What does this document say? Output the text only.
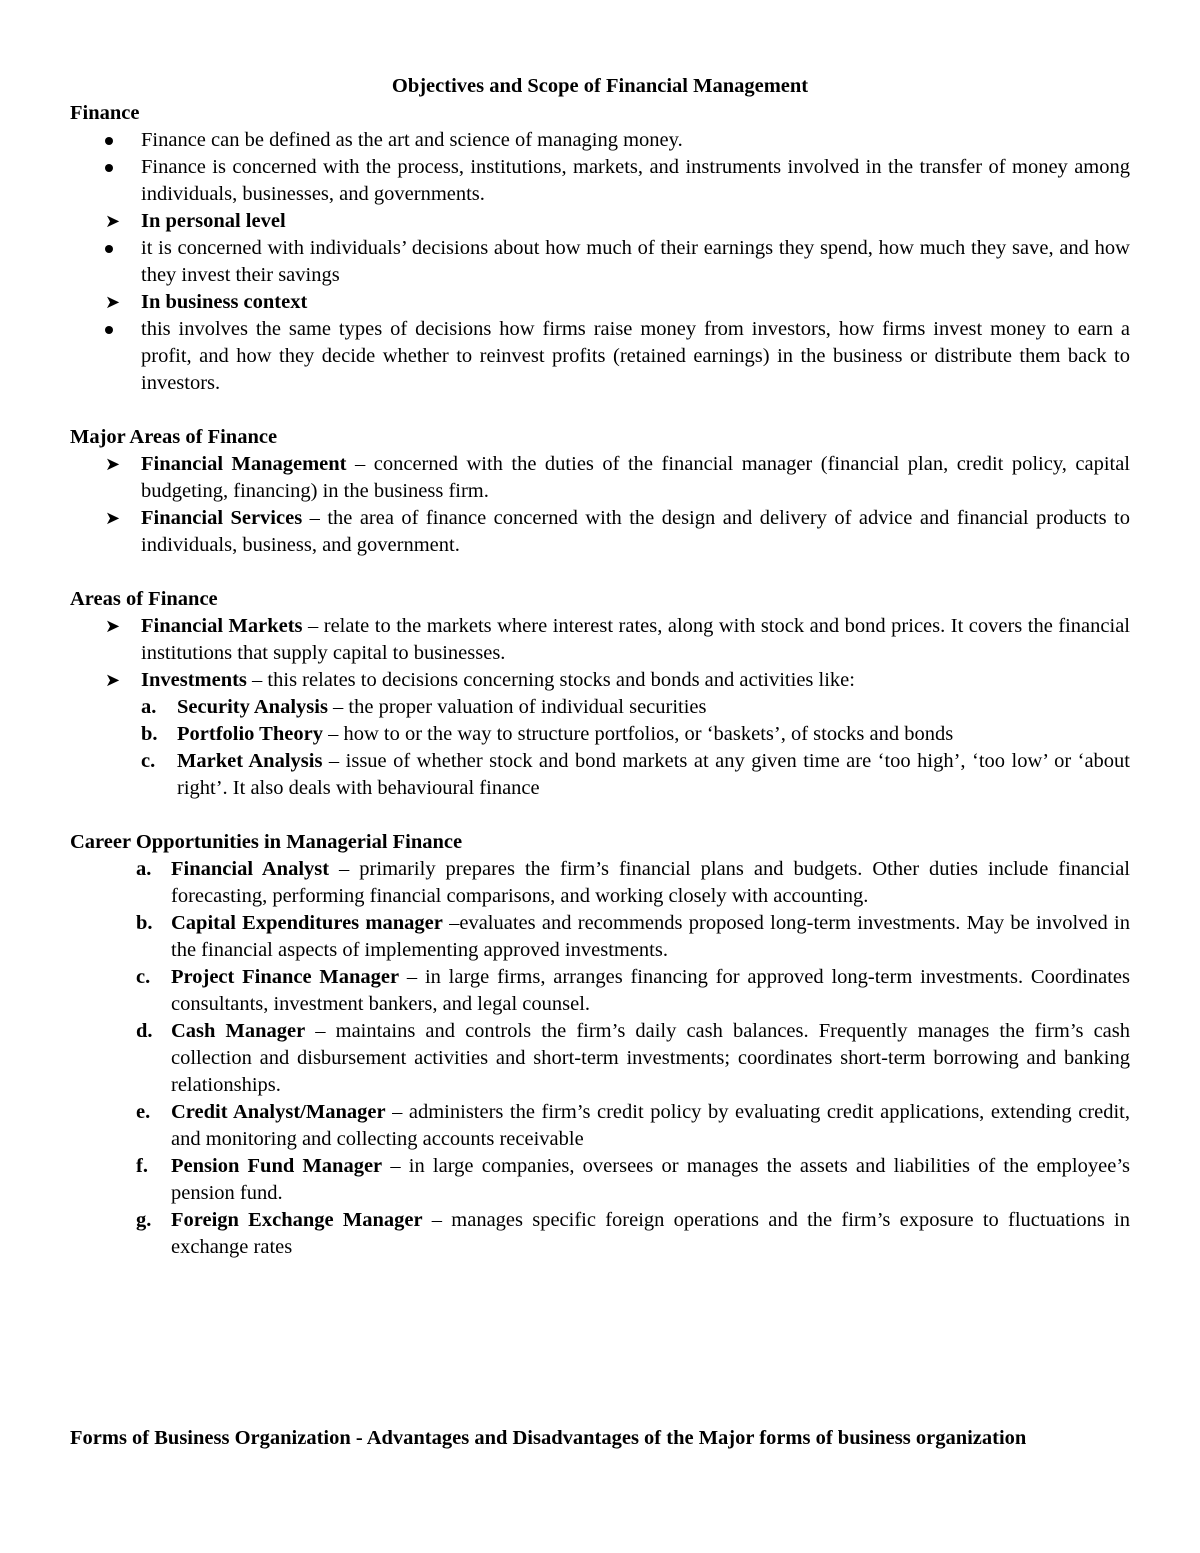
Objectives and Scope of Financial Management

Finance

Finance can be defined as the art and science of managing money.
Finance is concerned with the process, institutions, markets, and instruments involved in the transfer of money among individuals, businesses, and governments.
➤ In personal level
it is concerned with individuals’ decisions about how much of their earnings they spend, how much they save, and how they invest their savings
➤ In business context
this involves the same types of decisions how firms raise money from investors, how firms invest money to earn a profit, and how they decide whether to reinvest profits (retained earnings) in the business or distribute them back to investors.

Major Areas of Finance

➤ Financial Management – concerned with the duties of the financial manager (financial plan, credit policy, capital budgeting, financing) in the business firm.
➤ Financial Services – the area of finance concerned with the design and delivery of advice and financial products to individuals, business, and government.

Areas of Finance

➤ Financial Markets – relate to the markets where interest rates, along with stock and bond prices. It covers the financial institutions that supply capital to businesses.
➤ Investments – this relates to decisions concerning stocks and bonds and activities like:
a. Security Analysis – the proper valuation of individual securities
b. Portfolio Theory – how to or the way to structure portfolios, or ‘baskets’, of stocks and bonds
c. Market Analysis – issue of whether stock and bond markets at any given time are ‘too high’, ‘too low’ or ‘about right’. It also deals with behavioural finance

Career Opportunities in Managerial Finance

a. Financial Analyst – primarily prepares the firm’s financial plans and budgets. Other duties include financial forecasting, performing financial comparisons, and working closely with accounting.
b. Capital Expenditures manager –evaluates and recommends proposed long-term investments. May be involved in the financial aspects of implementing approved investments.
c. Project Finance Manager – in large firms, arranges financing for approved long-term investments. Coordinates consultants, investment bankers, and legal counsel.
d. Cash Manager – maintains and controls the firm’s daily cash balances. Frequently manages the firm’s cash collection and disbursement activities and short-term investments; coordinates short-term borrowing and banking relationships.
e. Credit Analyst/Manager – administers the firm’s credit policy by evaluating credit applications, extending credit, and monitoring and collecting accounts receivable
f. Pension Fund Manager – in large companies, oversees or manages the assets and liabilities of the employee’s pension fund.
g. Foreign Exchange Manager – manages specific foreign operations and the firm’s exposure to fluctuations in exchange rates

Forms of Business Organization - Advantages and Disadvantages of the Major forms of business organization
